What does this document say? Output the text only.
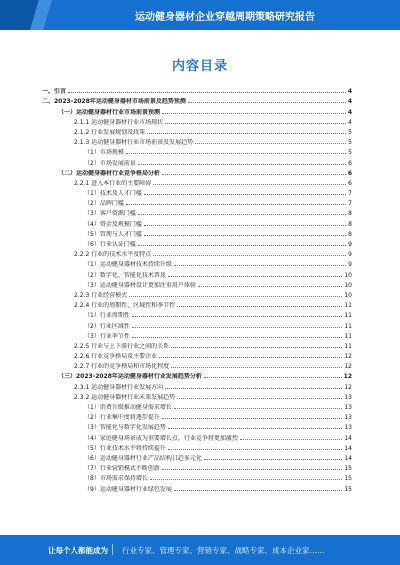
运动健身器材企业穿越周期策略研究报告
内容目录
一、引言	4
二、2023-2028年运动健身器材市场前景及趋势预测	4
（一）运动健身器材行业市场前景预测	4
2.1.1 运动健身器材行业市场现状	4
2.1.2 行业发展规划及政策	5
2.1.3 运动健身器材行业市场前景及发展趋势	5
（1）市场规模	5
（2）市场发展前景	6
（二）运动健身器材行业竞争格局分析	6
2.2.1 进入本行业的主要障碍	6
（1）技术及人才门槛	7
（2）品牌门槛	7
（3）客户资源门槛	8
（4）资金及规模门槛	8
（5）管理与人才门槛	8
（6）行业认证门槛	9
2.2.2 行业的技术水平及特点	9
（1）运动健身器材技术持续升级	9
（2）数字化、智能化技术普及	10
（3）运动健身器材设计更加注重用户体验	10
2.2.3 行业经营模式	10
2.2.4 行业的周期性、区域性和季节性	11
（1）行业周期性	11
（2）行业区域性	11
（3）行业季节性	11
2.2.5 行业与上下游行业之间的关系	11
2.2.6 行业竞争格局及主要企业	12
2.2.7 行业的竞争格局和市场化程度	12
（三）2023-2028年运动健身器材行业发展趋势分析	12
2.3.1 运动健身器材行业发展方向	12
2.3.2 运动健身器材行业未来发展趋势	13
（1）消费升级推动健身需求增长	13
（2）行业集中度将逐步提升	13
（3）智能化与数字化发展趋势	13
（4）家庭健身场景成为重要增长点，行业竞争将更加激烈	14
（5）行业技术水平将持续提升	14
（6）运动健身器材行业产品结构日趋多元化	14
（7）行业营销模式不断创新	15
（8）市场需求保持增长	15
（9）运动健身器材行业绿色发展	15
让每个人都能成为 行业专家、管理专家、营销专家、战略专家、成本企业家……
